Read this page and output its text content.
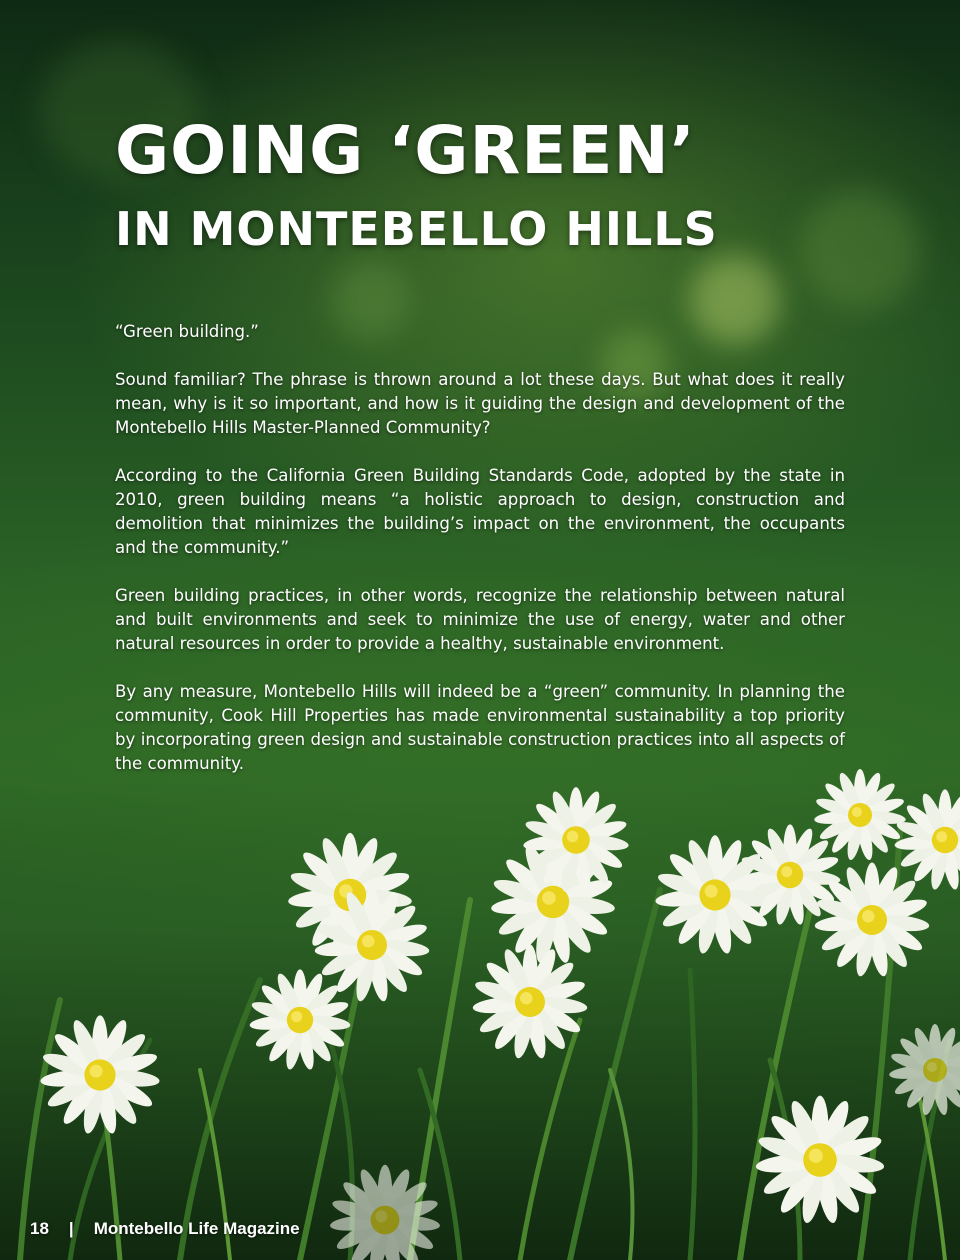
GOING ‘GREEN’
IN MONTEBELLO HILLS

“Green building.”

Sound familiar? The phrase is thrown around a lot these days. But what does it really mean, why is it so important, and how is it guiding the design and development of the Montebello Hills Master-Planned Community?

According to the California Green Building Standards Code, adopted by the state in 2010, green building means “a holistic approach to design, construction and demolition that minimizes the building’s impact on the environment, the occupants and the community.”

Green building practices, in other words, recognize the relationship between natural and built environments and seek to minimize the use of energy, water and other natural resources in order to provide a healthy, sustainable environment.

By any measure, Montebello Hills will indeed be a “green” community. In planning the community, Cook Hill Properties has made environmental sustainability a top priority by incorporating green design and sustainable construction practices into all aspects of the community.

18 | Montebello Life Magazine
